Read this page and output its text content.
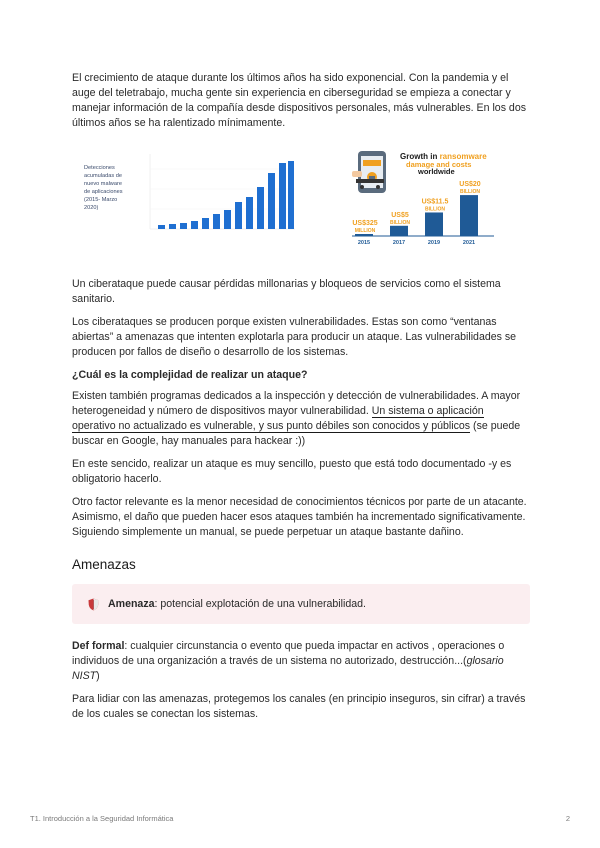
El crecimiento de ataque durante los últimos años ha sido exponencial. Con la pandemia y el auge del teletrabajo, mucha gente sin experiencia en ciberseguridad se empieza a conectar y manejar información de la compañía desde dispositivos personales, más vulnerables. En los dos últimos años se ha ralentizado mínimamente.

Detecciones
acumuladas de
nuevo malware
de aplicaciones
(2015- Marzo
2020)
Growth in ransomware
damage and costs
worldwide
US$325
MILLION
US$5
BILLION
US$11.5
BILLION
US$20
BILLION
2015	2017	2019	2021

Un ciberataque puede causar pérdidas millonarias y bloqueos de servicios como el sistema sanitario.

Los ciberataques se producen porque existen vulnerabilidades. Estas son como “ventanas abiertas” a amenazas que intenten explotarla para producir un ataque. Las vulnerabilidades se producen por fallos de diseño o desarrollo de los sistemas.

¿Cuál es la complejidad de realizar un ataque?

Existen también programas dedicados a la inspección y detección de vulnerabilidades. A mayor heterogeneidad y número de dispositivos mayor vulnerabilidad. Un sistema o aplicación operativo no actualizado es vulnerable, y sus punto débiles son conocidos y públicos (se puede buscar en Google, hay manuales para hackear :))

En este sencido, realizar un ataque es muy sencillo, puesto que está todo documentado -y es obligatorio hacerlo.

Otro factor relevante es la menor necesidad de conocimientos técnicos por parte de un atacante. Asimismo, el daño que pueden hacer esos ataques también ha incrementado significativamente. Siguiendo simplemente un manual, se puede perpetuar un ataque bastante dañino.

Amenazas
Amenaza: potencial explotación de una vulnerabilidad.

Def formal: cualquier circunstancia o evento que pueda impactar en activos , operaciones o individuos de una organización a través de un sistema no autorizado, destrucción...(glosario NIST)

Para lidiar con las amenazas, protegemos los canales (en principio inseguros, sin cifrar) a través de los cuales se conectan los sistemas.

T1. Introducción a la Seguridad Informática	2
